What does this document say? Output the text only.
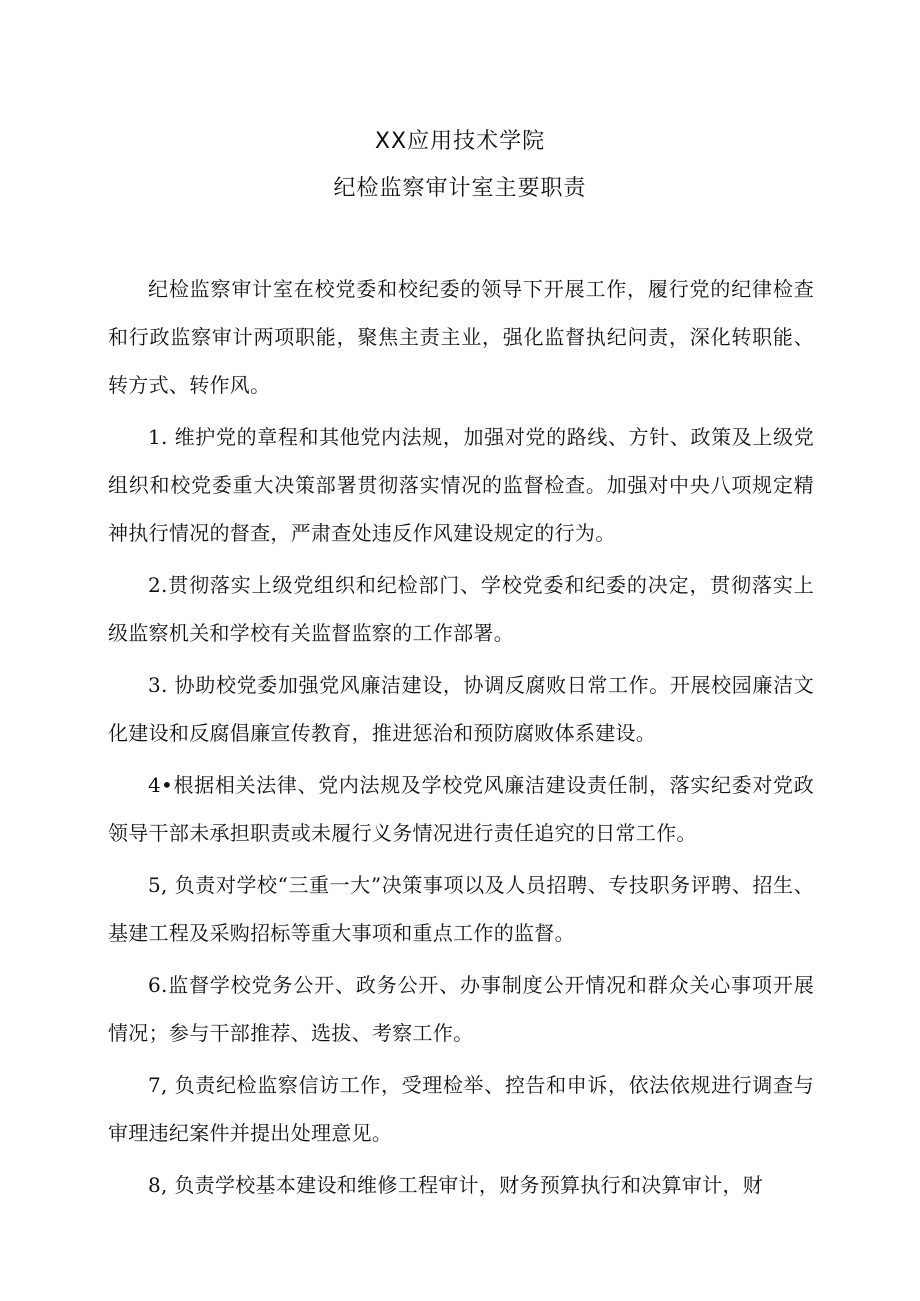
XX应用技术学院
纪检监察审计室主要职责

纪检监察审计室在校党委和校纪委的领导下开展工作，履行党的纪律检查和行政监察审计两项职能，聚焦主责主业，强化监督执纪问责，深化转职能、转方式、转作风。

1. 维护党的章程和其他党内法规，加强对党的路线、方针、政策及上级党组织和校党委重大决策部署贯彻落实情况的监督检查。加强对中央八项规定精神执行情况的督查，严肃查处违反作风建设规定的行为。

2.贯彻落实上级党组织和纪检部门、学校党委和纪委的决定，贯彻落实上级监察机关和学校有关监督监察的工作部署。

3. 协助校党委加强党风廉洁建设，协调反腐败日常工作。开展校园廉洁文化建设和反腐倡廉宣传教育，推进惩治和预防腐败体系建设。

4•根据相关法律、党内法规及学校党风廉洁建设责任制，落实纪委对党政领导干部未承担职责或未履行义务情况进行责任追究的日常工作。

5, 负责对学校“三重一大”决策事项以及人员招聘、专技职务评聘、招生、基建工程及采购招标等重大事项和重点工作的监督。

6.监督学校党务公开、政务公开、办事制度公开情况和群众关心事项开展情况；参与干部推荐、选拔、考察工作。

7, 负责纪检监察信访工作，受理检举、控告和申诉，依法依规进行调查与审理违纪案件并提出处理意见。

8, 负责学校基本建设和维修工程审计，财务预算执行和决算审计，财
